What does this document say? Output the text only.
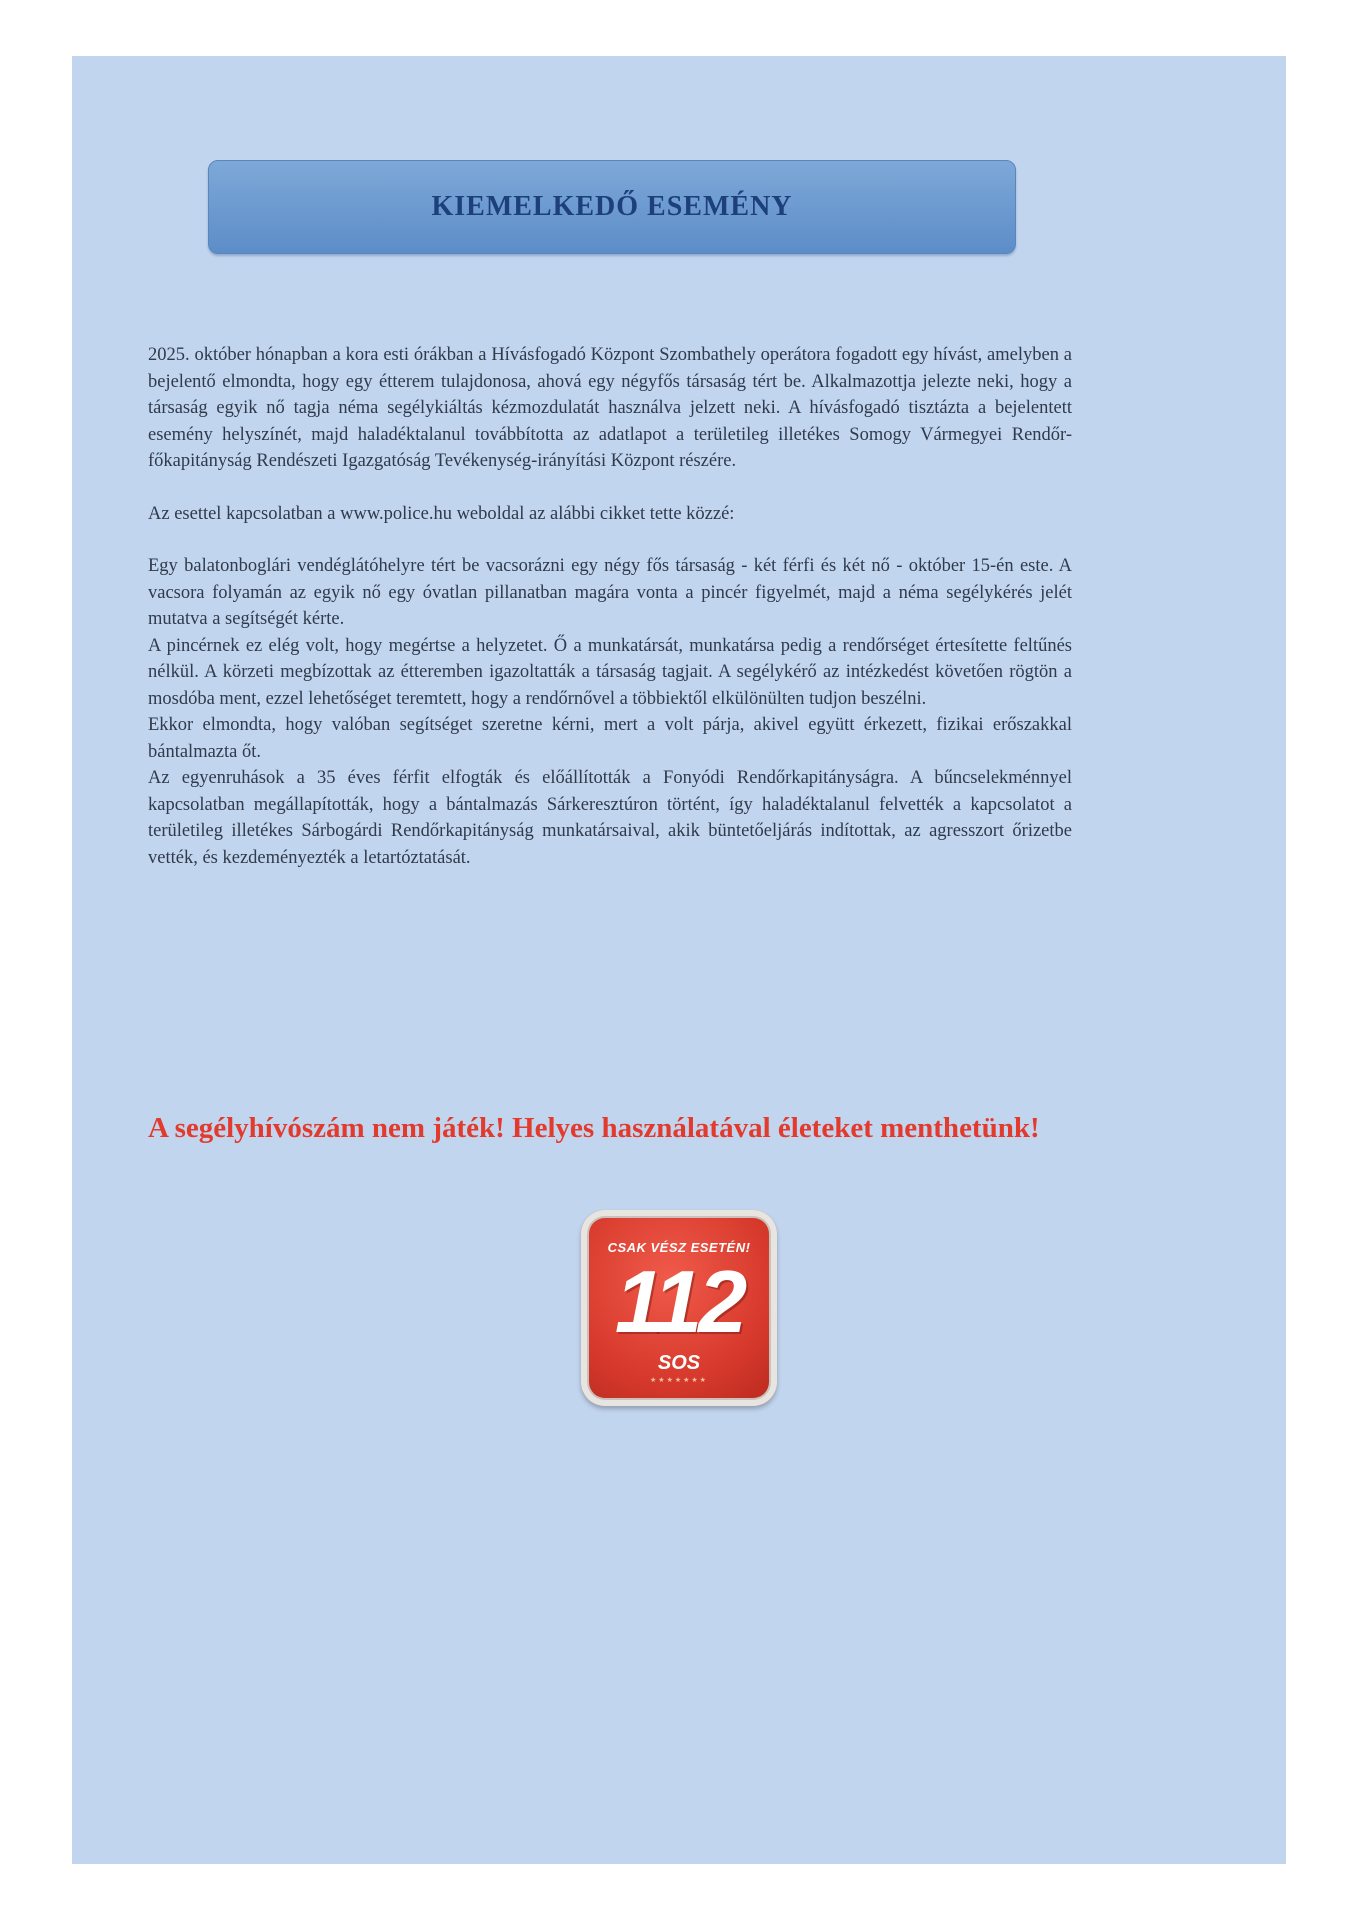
KIEMELKEDŐ ESEMÉNY

2025. október hónapban a kora esti órákban a Hívásfogadó Központ Szombathely operátora fogadott egy hívást, amelyben a bejelentő elmondta, hogy egy étterem tulajdonosa, ahová egy négyfős társaság tért be. Alkalmazottja jelezte neki, hogy a társaság egyik nő tagja néma segélykiáltás kézmozdulatát használva jelzett neki. A hívásfogadó tisztázta a bejelentett esemény helyszínét, majd haladéktalanul továbbította az adatlapot a területileg illetékes Somogy Vármegyei Rendőr-főkapitányság Rendészeti Igazgatóság Tevékenység-irányítási Központ részére.

Az esettel kapcsolatban a www.police.hu weboldal az alábbi cikket tette közzé:

Egy balatonboglári vendéglátóhelyre tért be vacsorázni egy négy fős társaság - két férfi és két nő - október 15-én este. A vacsora folyamán az egyik nő egy óvatlan pillanatban magára vonta a pincér figyelmét, majd a néma segélykérés jelét mutatva a segítségét kérte.

A pincérnek ez elég volt, hogy megértse a helyzetet. Ő a munkatársát, munkatársa pedig a rendőrséget értesítette feltűnés nélkül. A körzeti megbízottak az étteremben igazoltatták a társaság tagjait. A segélykérő az intézkedést követően rögtön a mosdóba ment, ezzel lehetőséget teremtett, hogy a rendőrnővel a többiektől elkülönülten tudjon beszélni.

Ekkor elmondta, hogy valóban segítséget szeretne kérni, mert a volt párja, akivel együtt érkezett, fizikai erőszakkal bántalmazta őt.

Az egyenruhások a 35 éves férfit elfogták és előállították a Fonyódi Rendőrkapitányságra. A bűncselekménnyel kapcsolatban megállapították, hogy a bántalmazás Sárkeresztúron történt, így haladéktalanul felvették a kapcsolatot a területileg illetékes Sárbogárdi Rendőrkapitányság munkatársaival, akik büntetőeljárás indítottak, az agresszort őrizetbe vették, és kezdeményezték a letartóztatását.

A segélyhívószám nem játék! Helyes használatával életeket menthetünk!
CSAK VÉSZ ESETÉN!
112
SOS
★★★★★★★
